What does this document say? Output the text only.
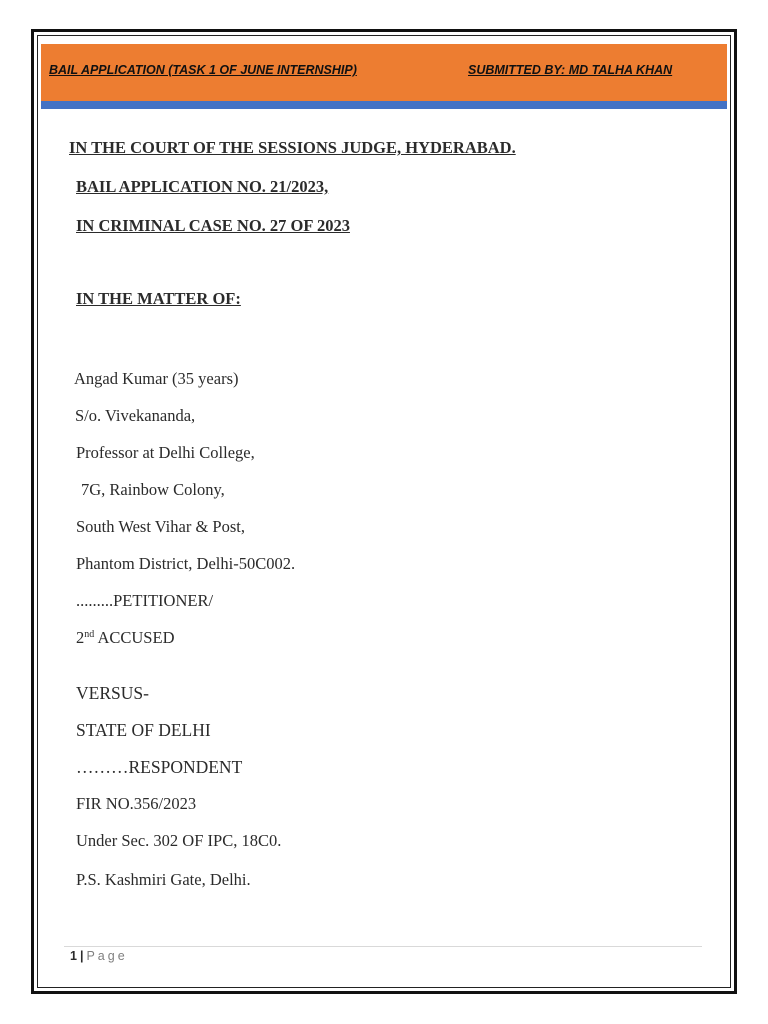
BAIL APPLICATION (TASK 1 OF JUNE INTERNSHIP)	SUBMITTED BY: MD TALHA KHAN
IN THE COURT OF THE SESSIONS JUDGE, HYDERABAD.
BAIL APPLICATION NO. 21/2023,
IN CRIMINAL CASE NO. 27 OF 2023
IN THE MATTER OF:
Angad Kumar (35 years)
S/o. Vivekananda,
Professor at Delhi College,
7G, Rainbow Colony,
South West Vihar & Post,
Phantom District, Delhi-50C002.
.........PETITIONER/
2nd ACCUSED
VERSUS-
STATE OF DELHI
………RESPONDENT
FIR NO.356/2023
Under Sec. 302 OF IPC, 18C0.
P.S. Kashmiri Gate, Delhi.
1 | Page
